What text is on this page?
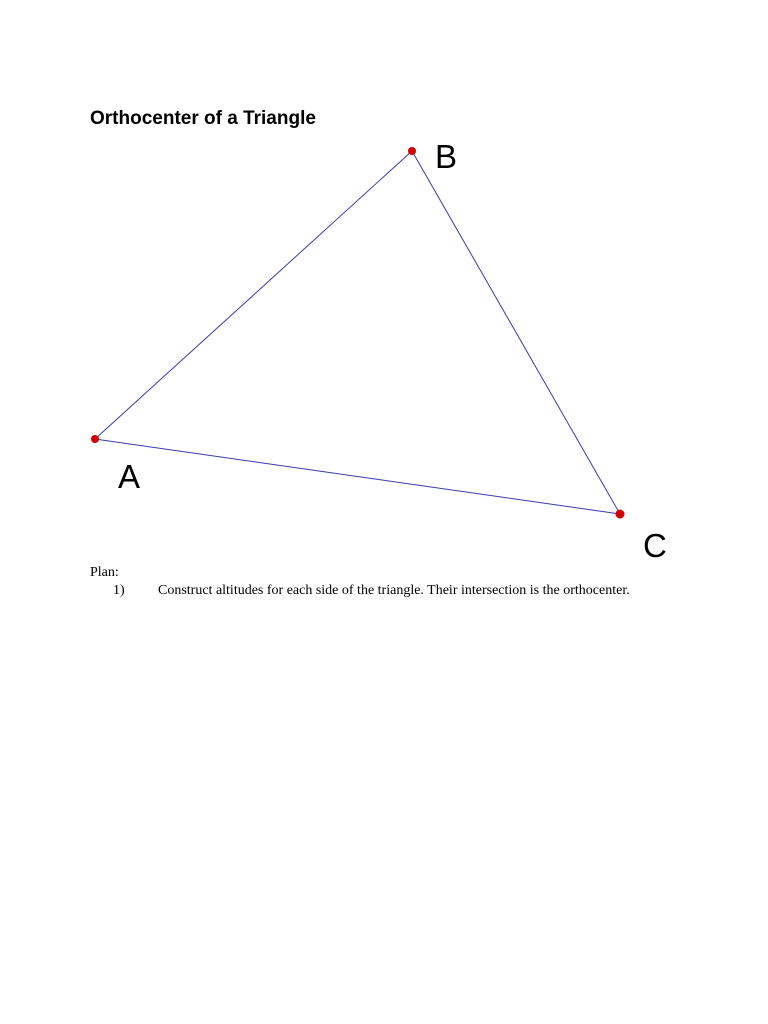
Orthocenter of a Triangle
A
B
C
Plan:
1) Construct altitudes for each side of the triangle. Their intersection is the orthocenter.
